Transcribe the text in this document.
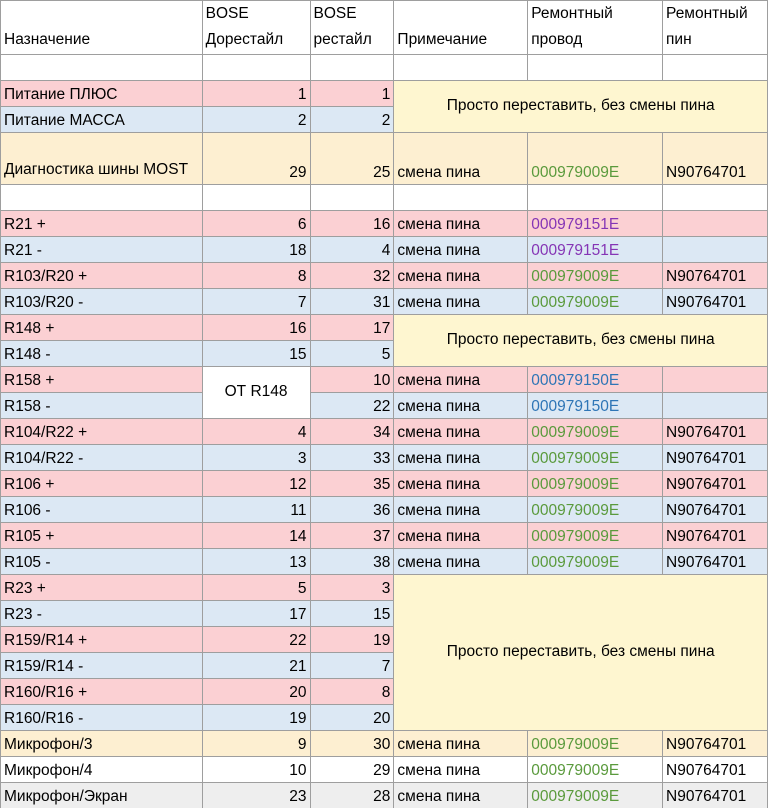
Назначение	BOSE Дорестайл	BOSE рестайл	Примечание	Ремонтный провод	Ремонтный пин

Питание ПЛЮС	1	1	Просто переставить, без смены пина		
Питание МАССА	2	2			
Диагностика шины MOST	29	25	смена пина	000979009E	N90764701

R21 +	6	16	смена пина	000979151E	
R21 -	18	4	смена пина	000979151E	
R103/R20 +	8	32	смена пина	000979009E	N90764701
R103/R20 -	7	31	смена пина	000979009E	N90764701
R148 +	16	17	Просто переставить, без смены пина		
R148 -	15	5			
R158 +	ОТ R148	10	смена пина	000979150E	
R158 -		22	смена пина	000979150E	
R104/R22 +	4	34	смена пина	000979009E	N90764701
R104/R22 -	3	33	смена пина	000979009E	N90764701
R106 +	12	35	смена пина	000979009E	N90764701
R106 -	11	36	смена пина	000979009E	N90764701
R105 +	14	37	смена пина	000979009E	N90764701
R105 -	13	38	смена пина	000979009E	N90764701
R23 +	5	3	Просто переставить, без смены пина		
R23 -	17	15			
R159/R14 +	22	19			
R159/R14 -	21	7			
R160/R16 +	20	8			
R160/R16 -	19	20			
Микрофон/3	9	30	смена пина	000979009E	N90764701
Микрофон/4	10	29	смена пина	000979009E	N90764701
Микрофон/Экран	23	28	смена пина	000979009E	N90764701
